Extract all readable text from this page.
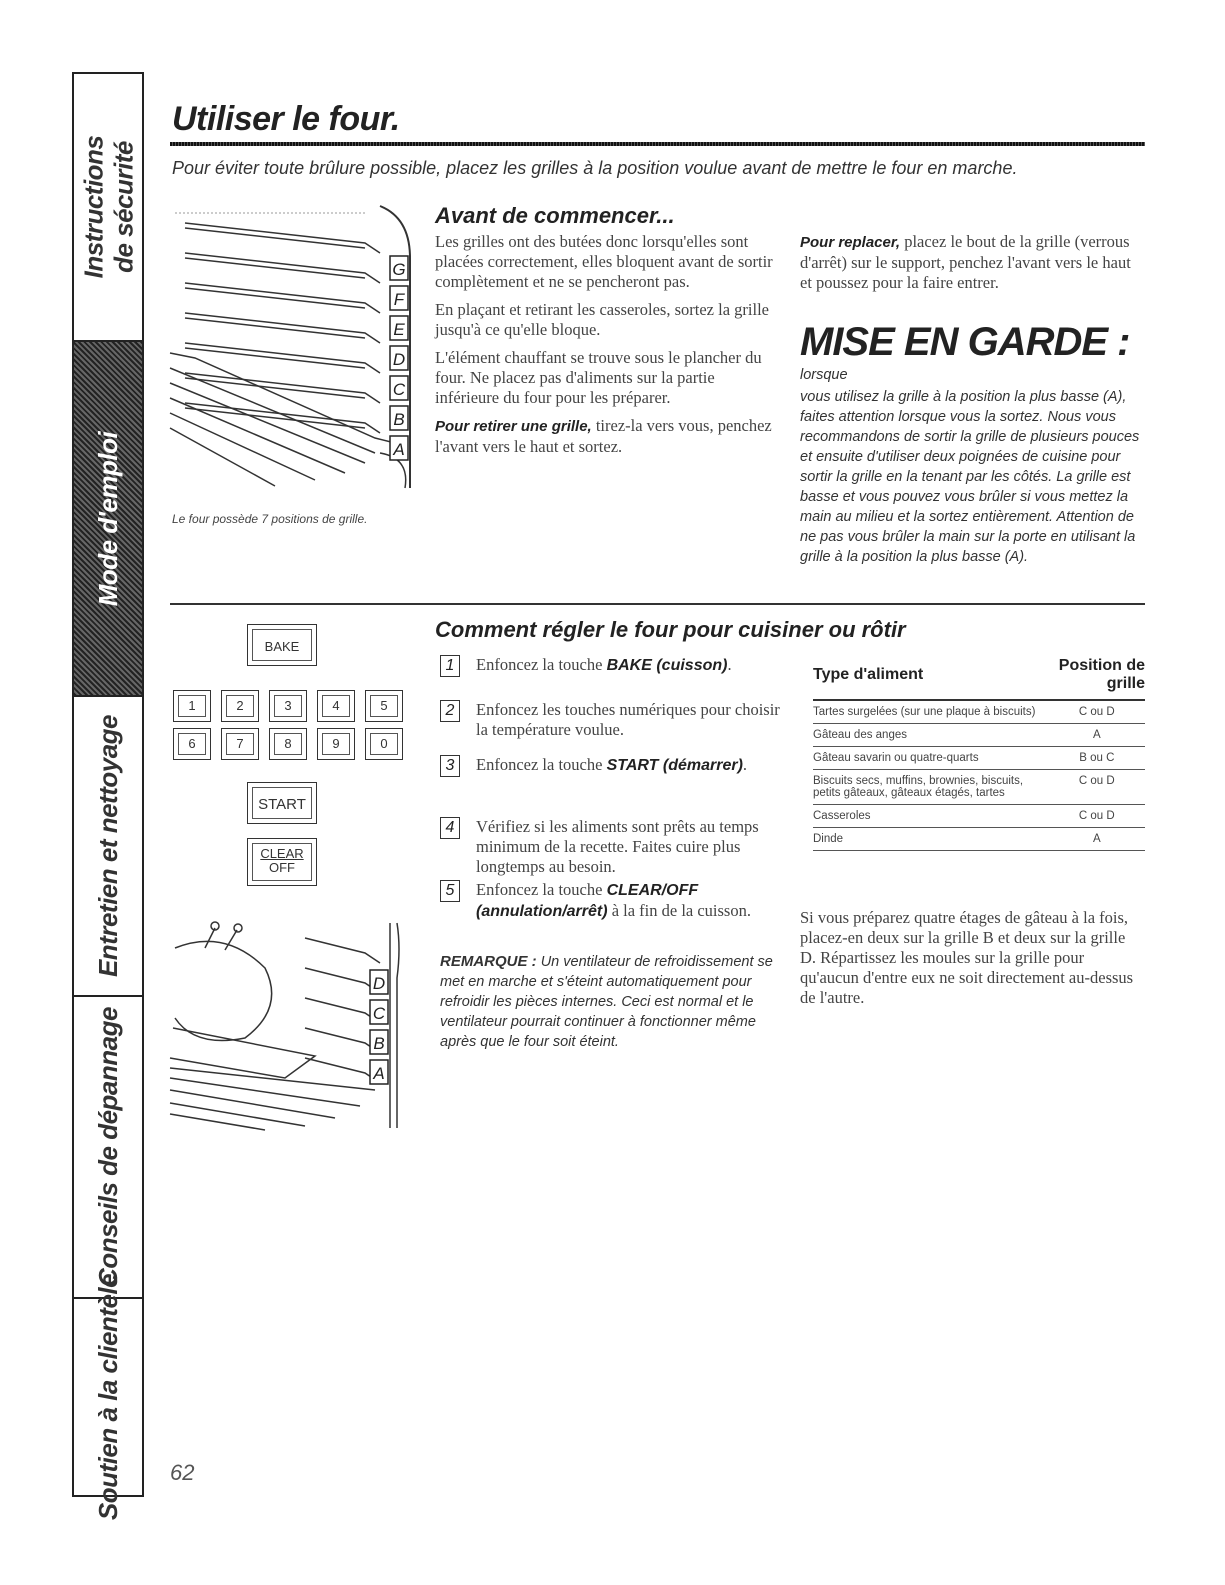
Instructions de sécurité
Mode d'emploi
Entretien et nettoyage
Conseils de dépannage
Soutien à la clientèle
Utiliser le four.
Pour éviter toute brûlure possible, placez les grilles à la position voulue avant de mettre le four en marche.
G
F
E
D
C
B
A
Le four possède 7 positions de grille.
Avant de commencer...

Les grilles ont des butées donc lorsqu'elles sont placées correctement, elles bloquent avant de sortir complètement et ne se pencheront pas.

En plaçant et retirant les casseroles, sortez la grille jusqu'à ce qu'elle bloque.

L'élément chauffant se trouve sous le plancher du four. Ne placez pas d'aliments sur la partie inférieure du four pour les préparer.

Pour retirer une grille, tirez-la vers vous, penchez l'avant vers le haut et sortez.

Pour replacer, placez le bout de la grille (verrous d'arrêt) sur le support, penchez l'avant vers le haut et poussez pour la faire entrer.
MISE EN GARDE : lorsque
vous utilisez la grille à la position la plus basse (A), faites attention lorsque vous la sortez. Nous vous recommandons de sortir la grille de plusieurs pouces et ensuite d'utiliser deux poignées de cuisine pour sortir la grille en la tenant par les côtés. La grille est basse et vous pouvez vous brûler si vous mettez la main au milieu et la sortez entièrement. Attention de ne pas vous brûler la main sur la porte en utilisant la grille à la position la plus basse (A).
BAKE
1	2	3	4	5
6	7	8	9	0
START
CLEAR
OFF
D
C
B
A
Comment régler le four pour cuisiner ou rôtir
1	Enfoncez la touche BAKE (cuisson).
2	Enfoncez les touches numériques pour choisir la température voulue.
3	Enfoncez la touche START (démarrer).
4	Vérifiez si les aliments sont prêts au temps minimum de la recette. Faites cuire plus longtemps au besoin.
5	Enfoncez la touche CLEAR/OFF (annulation/arrêt) à la fin de la cuisson.
REMARQUE : Un ventilateur de refroidissement se met en marche et s'éteint automatiquement pour refroidir les pièces internes. Ceci est normal et le ventilateur pourrait continuer à fonctionner même après que le four soit éteint.
Type d'aliment	Position de grille
Tartes surgelées (sur une plaque à biscuits)	C ou D
Gâteau des anges	A
Gâteau savarin ou quatre-quarts	B ou C
Biscuits secs, muffins, brownies, biscuits, petits gâteaux, gâteaux étagés, tartes	C ou D
Casseroles	C ou D
Dinde	A
Si vous préparez quatre étages de gâteau à la fois, placez-en deux sur la grille B et deux sur la grille D. Répartissez les moules sur la grille pour qu'aucun d'entre eux ne soit directement au-dessus de l'autre.
62
